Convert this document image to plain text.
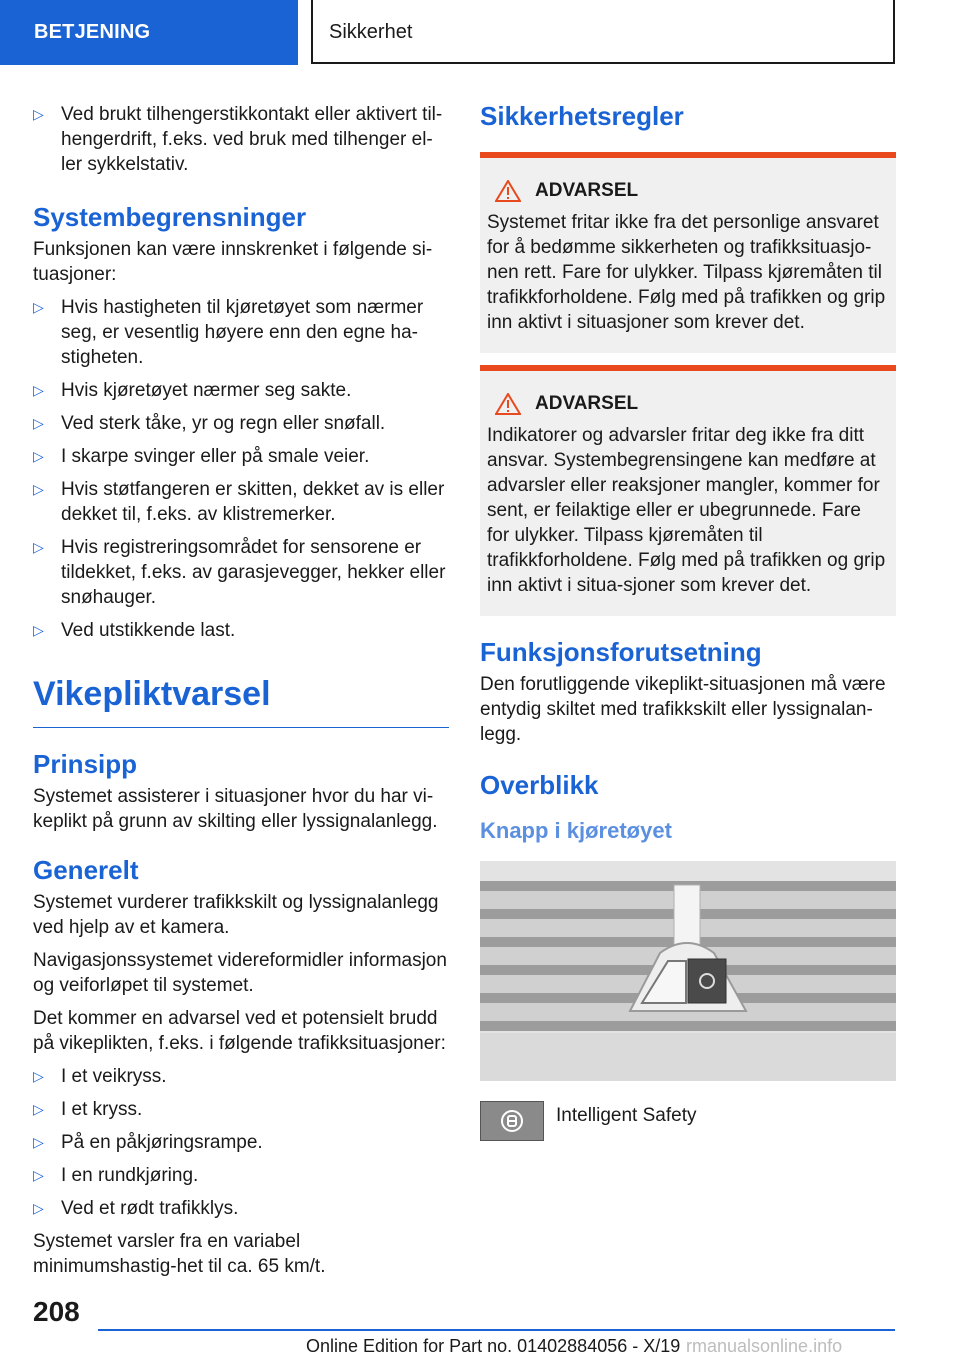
BETJENING	Sikkerhet
▷ Ved brukt tilhengerstikkontakt eller aktivert til-hengerdrift, f.eks. ved bruk med tilhenger el-ler sykkelstativ.
Systembegrensninger

Funksjonen kan være innskrenket i følgende si-tuasjoner:

▷ Hvis hastigheten til kjøretøyet som nærmer seg, er vesentlig høyere enn den egne ha-stigheten.
▷ Hvis kjøretøyet nærmer seg sakte.
▷ Ved sterk tåke, yr og regn eller snøfall.
▷ I skarpe svinger eller på smale veier.
▷ Hvis støtfangeren er skitten, dekket av is eller dekket til, f.eks. av klistremerker.
▷ Hvis registreringsområdet for sensorene er tildekket, f.eks. av garasjevegger, hekker eller snøhauger.
▷ Ved utstikkende last.
Vikepliktvarsel
Prinsipp

Systemet assisterer i situasjoner hvor du har vi-keplikt på grunn av skilting eller lyssignalanlegg.

Generelt

Systemet vurderer trafikkskilt og lyssignalanlegg ved hjelp av et kamera.

Navigasjonssystemet videreformidler informasjon og veiforløpet til systemet.

Det kommer en advarsel ved et potensielt brudd på vikeplikten, f.eks. i følgende trafikksituasjoner:

▷ I et veikryss.
▷ I et kryss.
▷ På en påkjøringsrampe.
▷ I en rundkjøring.
▷ Ved et rødt trafikklys.

Systemet varsler fra en variabel minimumshastig-het til ca. 65 km/t.

Sikkerhetsregler
ADVARSEL

Systemet fritar ikke fra det personlige ansvaret for å bedømme sikkerheten og trafikksituasjo-nen rett. Fare for ulykker. Tilpass kjøremåten til trafikkforholdene. Følg med på trafikken og grip inn aktivt i situasjoner som krever det.

ADVARSEL

Indikatorer og advarsler fritar deg ikke fra ditt ansvar. Systembegrensingene kan medføre at advarsler eller reaksjoner mangler, kommer for sent, er feilaktige eller er ubegrunnede. Fare for ulykker. Tilpass kjøremåten til trafikkforholdene. Følg med på trafikken og grip inn aktivt i situa-sjoner som krever det.

Funksjonsforutsetning

Den forutliggende vikeplikt-situasjonen må være entydig skiltet med trafikkskilt eller lyssignalan-legg.

Overblikk
Knapp i kjøretøyet

Intelligent Safety

208
Online Edition for Part no. 01402884056 - X/19 rmanualsonline.info
